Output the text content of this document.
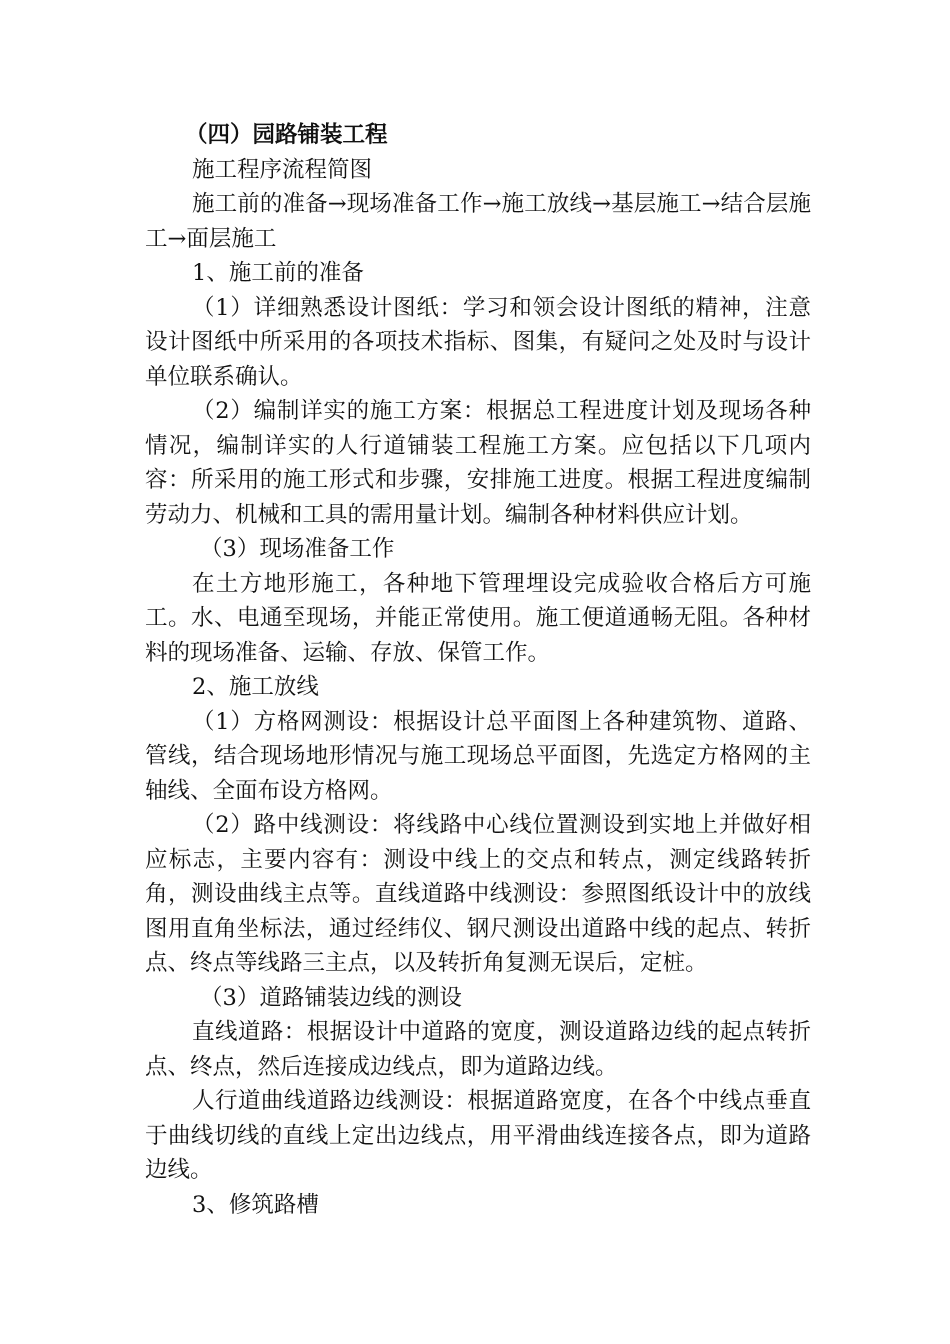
（四）园路铺装工程

施工程序流程简图

施工前的准备→现场准备工作→施工放线→基层施工→结合层施工→面层施工

1、施工前的准备

（1）详细熟悉设计图纸：学习和领会设计图纸的精神，注意设计图纸中所采用的各项技术指标、图集，有疑问之处及时与设计单位联系确认。

（2）编制详实的施工方案：根据总工程进度计划及现场各种情况，编制详实的人行道铺装工程施工方案。应包括以下几项内容：所采用的施工形式和步骤，安排施工进度。根据工程进度编制劳动力、机械和工具的需用量计划。编制各种材料供应计划。

（3）现场准备工作

在土方地形施工，各种地下管理埋设完成验收合格后方可施工。水、电通至现场，并能正常使用。施工便道通畅无阻。各种材料的现场准备、运输、存放、保管工作。

2、施工放线

（1）方格网测设：根据设计总平面图上各种建筑物、道路、管线，结合现场地形情况与施工现场总平面图，先选定方格网的主轴线、全面布设方格网。

（2）路中线测设：将线路中心线位置测设到实地上并做好相应标志，主要内容有：测设中线上的交点和转点，测定线路转折角，测设曲线主点等。直线道路中线测设：参照图纸设计中的放线图用直角坐标法，通过经纬仪、钢尺测设出道路中线的起点、转折点、终点等线路三主点，以及转折角复测无误后，定桩。

（3）道路铺装边线的测设

直线道路：根据设计中道路的宽度，测设道路边线的起点转折点、终点，然后连接成边线点，即为道路边线。

人行道曲线道路边线测设：根据道路宽度，在各个中线点垂直于曲线切线的直线上定出边线点，用平滑曲线连接各点，即为道路边线。

3、修筑路槽
